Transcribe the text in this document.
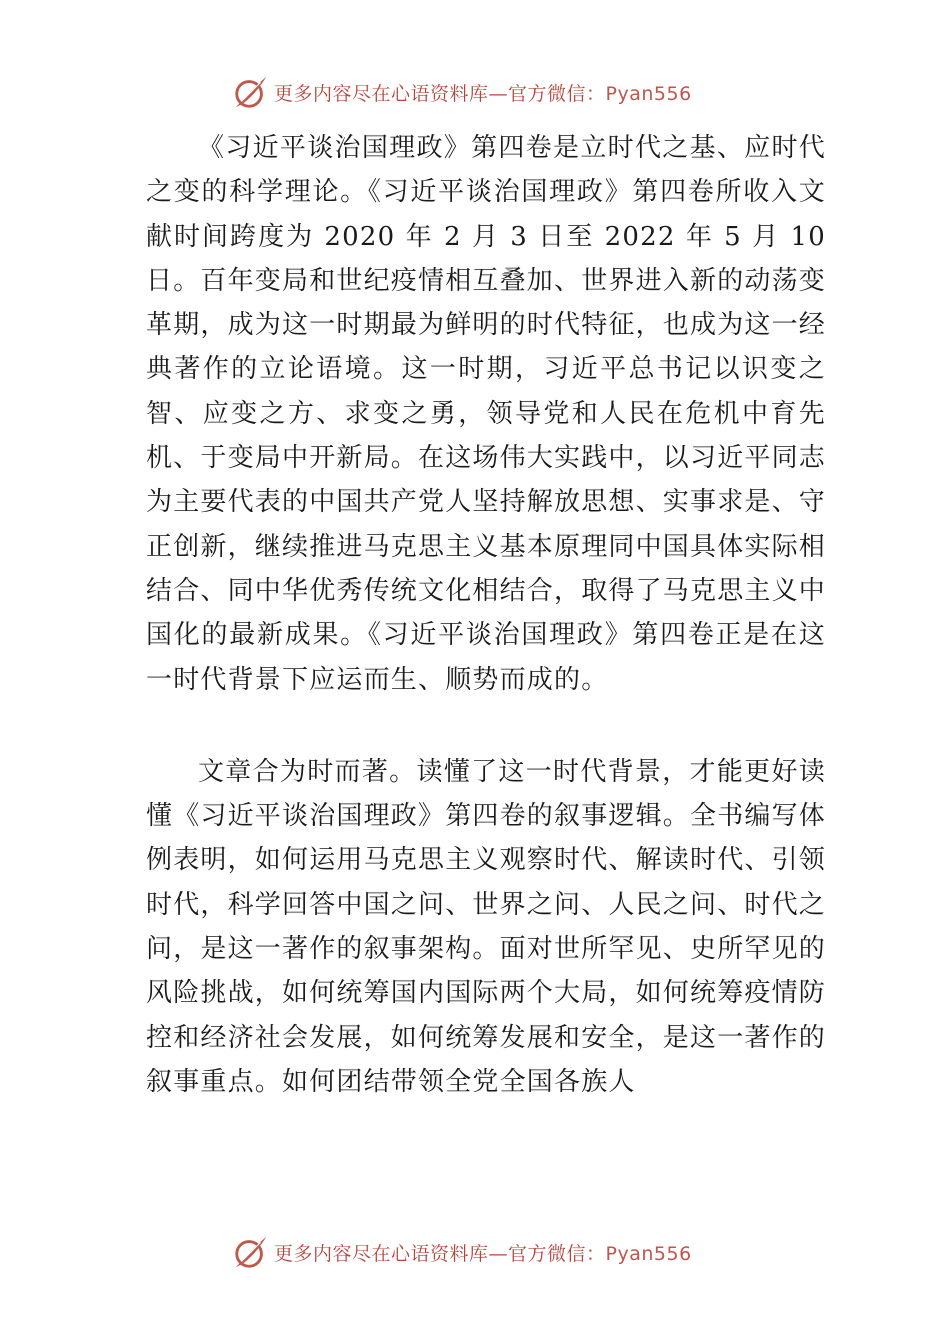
更多内容尽在心语资料库—官方微信：Pyan556

《习近平谈治国理政》第四卷是立时代之基、应时代之变的科学理论。《习近平谈治国理政》第四卷所收入文献时间跨度为 2020 年 2 月 3 日至 2022 年 5 月 10 日。百年变局和世纪疫情相互叠加、世界进入新的动荡变革期，成为这一时期最为鲜明的时代特征，也成为这一经典著作的立论语境。这一时期，习近平总书记以识变之智、应变之方、求变之勇，领导党和人民在危机中育先机、于变局中开新局。在这场伟大实践中，以习近平同志为主要代表的中国共产党人坚持解放思想、实事求是、守正创新，继续推进马克思主义基本原理同中国具体实际相结合、同中华优秀传统文化相结合，取得了马克思主义中国化的最新成果。《习近平谈治国理政》第四卷正是在这一时代背景下应运而生、顺势而成的。

文章合为时而著。读懂了这一时代背景，才能更好读懂《习近平谈治国理政》第四卷的叙事逻辑。全书编写体例表明，如何运用马克思主义观察时代、解读时代、引领时代，科学回答中国之问、世界之问、人民之问、时代之问，是这一著作的叙事架构。面对世所罕见、史所罕见的风险挑战，如何统筹国内国际两个大局，如何统筹疫情防控和经济社会发展，如何统筹发展和安全，是这一著作的叙事重点。如何团结带领全党全国各族人

更多内容尽在心语资料库—官方微信：Pyan556
